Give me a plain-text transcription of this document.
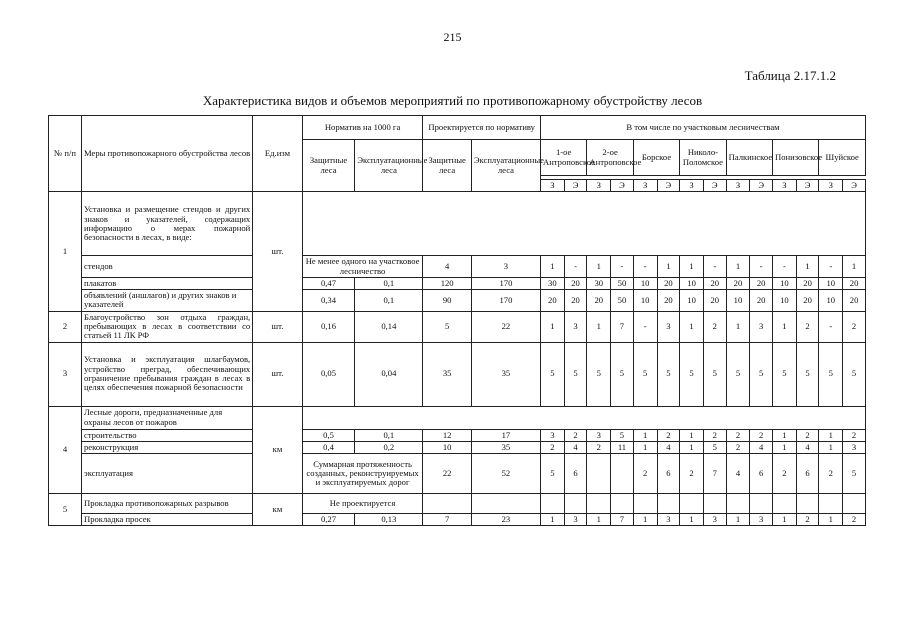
215
Таблица 2.17.1.2
Характеристика видов и объемов мероприятий по противопожарному обустройству лесов
№ п/п	Меры противопожарного обустройства лесов	Ед.изм	Норматив на 1000 га		Проектируется по нормативу		В том числе по участковым лесничествам													
			Защитные леса	Эксплуатационные леса	Защитные леса	Эксплуатационные леса	1-ое Антроповское		2-ое Антроповское		Борское		Николо-Поломское		Палкинское		Понизовское		Шуйское	

							З	Э	З	Э	З	Э	З	Э	З	Э	З	Э	З	Э
1	Установка и размещение стендов и других знаков и указателей, содержащих информацию о мерах пожарной безопасности в лесах, в виде:	шт.																		
	стендов		Не менее одного на участковое лесничество		4	3	1	-	1	-	-	1	1	-	1	-	-	1	-	1
	плакатов		0,47	0,1	120	170	30	20	30	50	10	20	10	20	20	20	10	20	10	20
	объявлений (аншлагов) и других знаков и указателей		0,34	0,1	90	170	20	20	20	50	10	20	10	20	10	20	10	20	10	20
2	Благоустройство зон отдыха граждан, пребывающих в лесах в соответствии со статьей 11 ЛК РФ	шт.	0,16	0,14	5	22	1	3	1	7	-	3	1	2	1	3	1	2	-	2
3	Установка и эксплуатация шлагбаумов, устройство преград, обеспечивающих ограничение пребывания граждан в лесах в целях обеспечения пожарной безопасности	шт.	0,05	0,04	35	35	5	5	5	5	5	5	5	5	5	5	5	5	5	5
4	Лесные дороги, предназначенные для охраны лесов от пожаров	км																		
	строительство		0,5	0,1	12	17	3	2	3	5	1	2	1	2	2	2	1	2	1	2
	реконструкция		0,4	0,2	10	35	2	4	2	11	1	4	1	5	2	4	1	4	1	3
	эксплуатация		Суммарная протяженность созданных, реконструируемых и эксплуатируемых дорог		22	52	5	6			2	6	2	7	4	6	2	6	2	5
5	Прокладка противопожарных разрывов	км	Не проектируется																	
	Прокладка просек		0,27	0,13	7	23	1	3	1	7	1	3	1	3	1	3	1	2	1	2
